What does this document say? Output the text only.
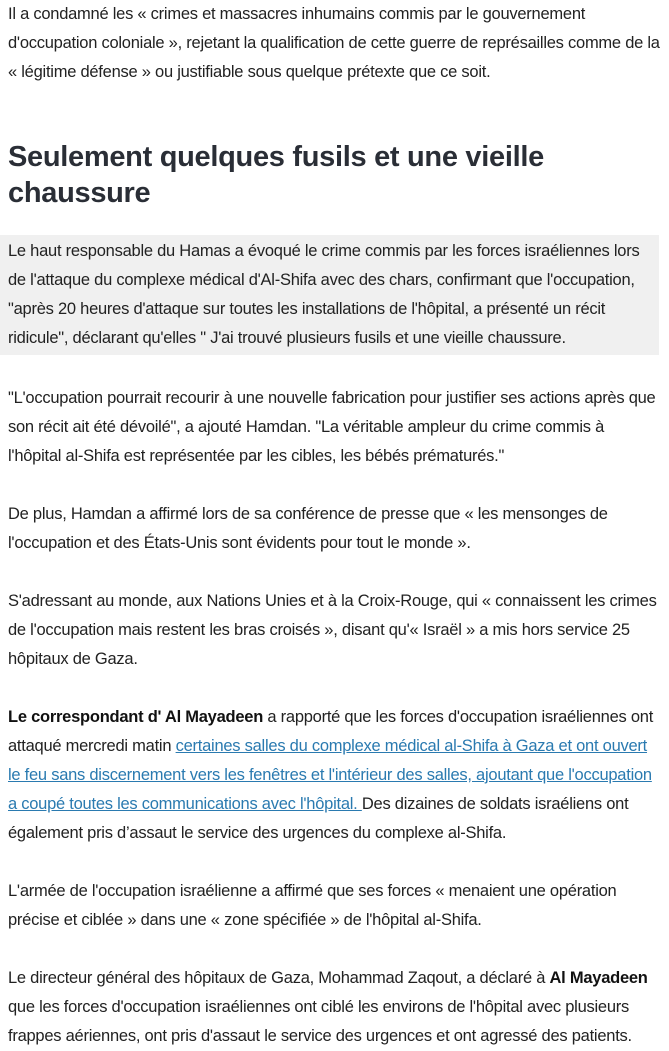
Il a condamné les « crimes et massacres inhumains commis par le gouvernement d'occupation coloniale », rejetant la qualification de cette guerre de représailles comme de la « légitime défense » ou justifiable sous quelque prétexte que ce soit.

Seulement quelques fusils et une vieille chaussure

Le haut responsable du Hamas a évoqué le crime commis par les forces israéliennes lors de l'attaque du complexe médical d'Al-Shifa avec des chars, confirmant que l'occupation, "après 20 heures d'attaque sur toutes les installations de l'hôpital, a présenté un récit ridicule", déclarant qu'elles " J'ai trouvé plusieurs fusils et une vieille chaussure.

"L'occupation pourrait recourir à une nouvelle fabrication pour justifier ses actions après que son récit ait été dévoilé", a ajouté Hamdan. "La véritable ampleur du crime commis à l'hôpital al-Shifa est représentée par les cibles, les bébés prématurés."

De plus, Hamdan a affirmé lors de sa conférence de presse que « les mensonges de l'occupation et des États-Unis sont évidents pour tout le monde ».

S'adressant au monde, aux Nations Unies et à la Croix-Rouge, qui « connaissent les crimes de l'occupation mais restent les bras croisés », disant qu'« Israël » a mis hors service 25 hôpitaux de Gaza.

Le correspondant d' Al Mayadeen a rapporté que les forces d'occupation israéliennes ont attaqué mercredi matin certaines salles du complexe médical al-Shifa à Gaza et ont ouvert le feu sans discernement vers les fenêtres et l'intérieur des salles, ajoutant que l'occupation a coupé toutes les communications avec l'hôpital. Des dizaines de soldats israéliens ont également pris d’assaut le service des urgences du complexe al-Shifa.

L'armée de l'occupation israélienne a affirmé que ses forces « menaient une opération précise et ciblée » dans une « zone spécifiée » de l'hôpital al-Shifa.

Le directeur général des hôpitaux de Gaza, Mohammad Zaqout, a déclaré à Al Mayadeen que les forces d'occupation israéliennes ont ciblé les environs de l'hôpital avec plusieurs frappes aériennes, ont pris d'assaut le service des urgences et ont agressé des patients.
